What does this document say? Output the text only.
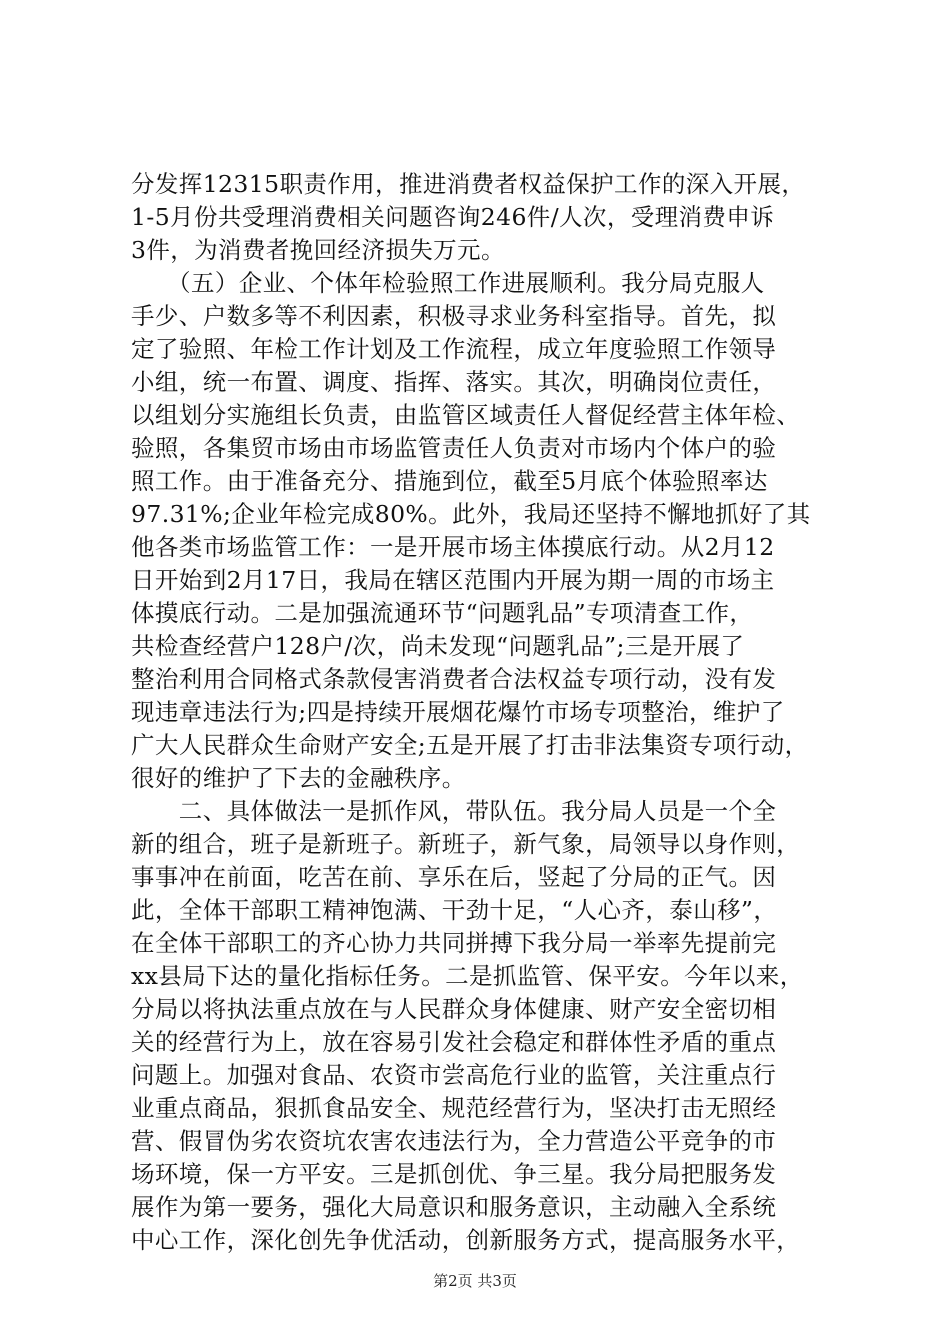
分发挥12315职责作用，推进消费者权益保护工作的深入开展，
1-5月份共受理消费相关问题咨询246件/人次，受理消费申诉
3件，为消费者挽回经济损失万元。
　　（五）企业、个体年检验照工作进展顺利。我分局克服人
手少、户数多等不利因素，积极寻求业务科室指导。首先，拟
定了验照、年检工作计划及工作流程，成立年度验照工作领导
小组，统一布置、调度、指挥、落实。其次，明确岗位责任，
以组划分实施组长负责，由监管区域责任人督促经营主体年检、
验照，各集贸市场由市场监管责任人负责对市场内个体户的验
照工作。由于准备充分、措施到位，截至5月底个体验照率达
97.31%;企业年检完成80%。此外，我局还坚持不懈地抓好了其
他各类市场监管工作：一是开展市场主体摸底行动。从2月12
日开始到2月17日，我局在辖区范围内开展为期一周的市场主
体摸底行动。二是加强流通环节“问题乳品”专项清查工作，
共检查经营户128户/次，尚未发现“问题乳品”;三是开展了
整治利用合同格式条款侵害消费者合法权益专项行动，没有发
现违章违法行为;四是持续开展烟花爆竹市场专项整治，维护了
广大人民群众生命财产安全;五是开展了打击非法集资专项行动，
很好的维护了下去的金融秩序。
　　二、具体做法一是抓作风，带队伍。我分局人员是一个全
新的组合，班子是新班子。新班子，新气象，局领导以身作则，
事事冲在前面，吃苦在前、享乐在后，竖起了分局的正气。因
此，全体干部职工精神饱满、干劲十足，“人心齐，泰山移”，
在全体干部职工的齐心协力共同拼搏下我分局一举率先提前完
xx县局下达的量化指标任务。二是抓监管、保平安。今年以来，
分局以将执法重点放在与人民群众身体健康、财产安全密切相
关的经营行为上，放在容易引发社会稳定和群体性矛盾的重点
问题上。加强对食品、农资市尝高危行业的监管，关注重点行
业重点商品，狠抓食品安全、规范经营行为，坚决打击无照经
营、假冒伪劣农资坑农害农违法行为，全力营造公平竞争的市
场环境，保一方平安。三是抓创优、争三星。我分局把服务发
展作为第一要务，强化大局意识和服务意识，主动融入全系统
中心工作，深化创先争优活动，创新服务方式，提高服务水平，
第2页 共3页
